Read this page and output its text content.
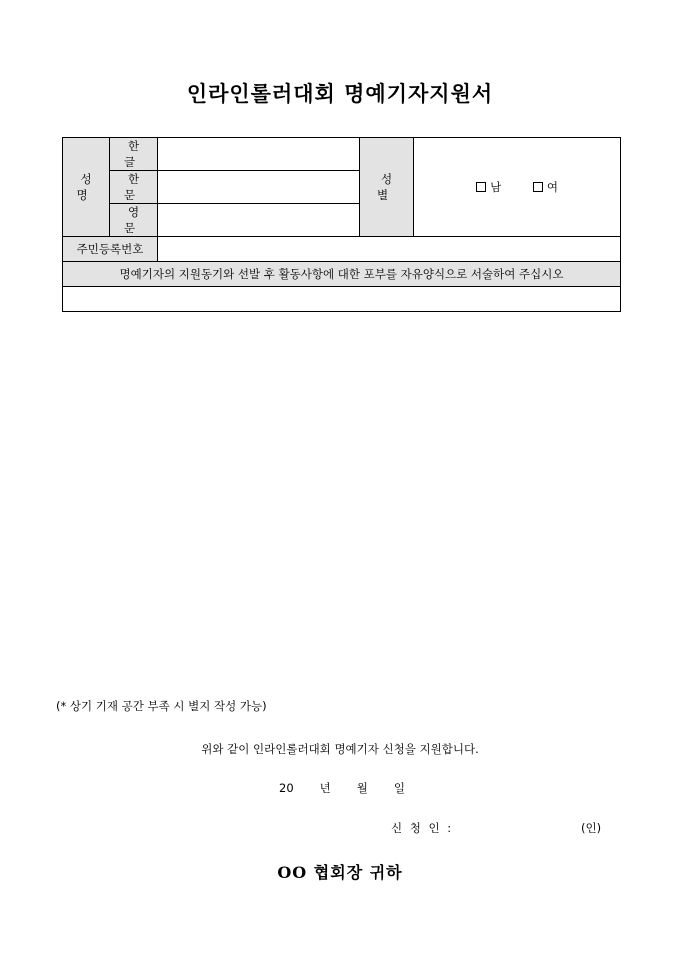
인라인롤러대회 명예기자지원서
성 명	한 글		성 별	남 여
	한 문			
	영 문			
주민등록번호				
명예기자의 지원동기와 선발 후 활동사항에 대한 포부를 자유양식으로 서술하여 주십시오				

(* 상기 기재 공간 부족 시 별지 작성 가능)
위와 같이 인라인롤러대회 명예기자 신청을 지원합니다.
20 년 월 일
신 청 인 :	(인)
OO 협회장 귀하
